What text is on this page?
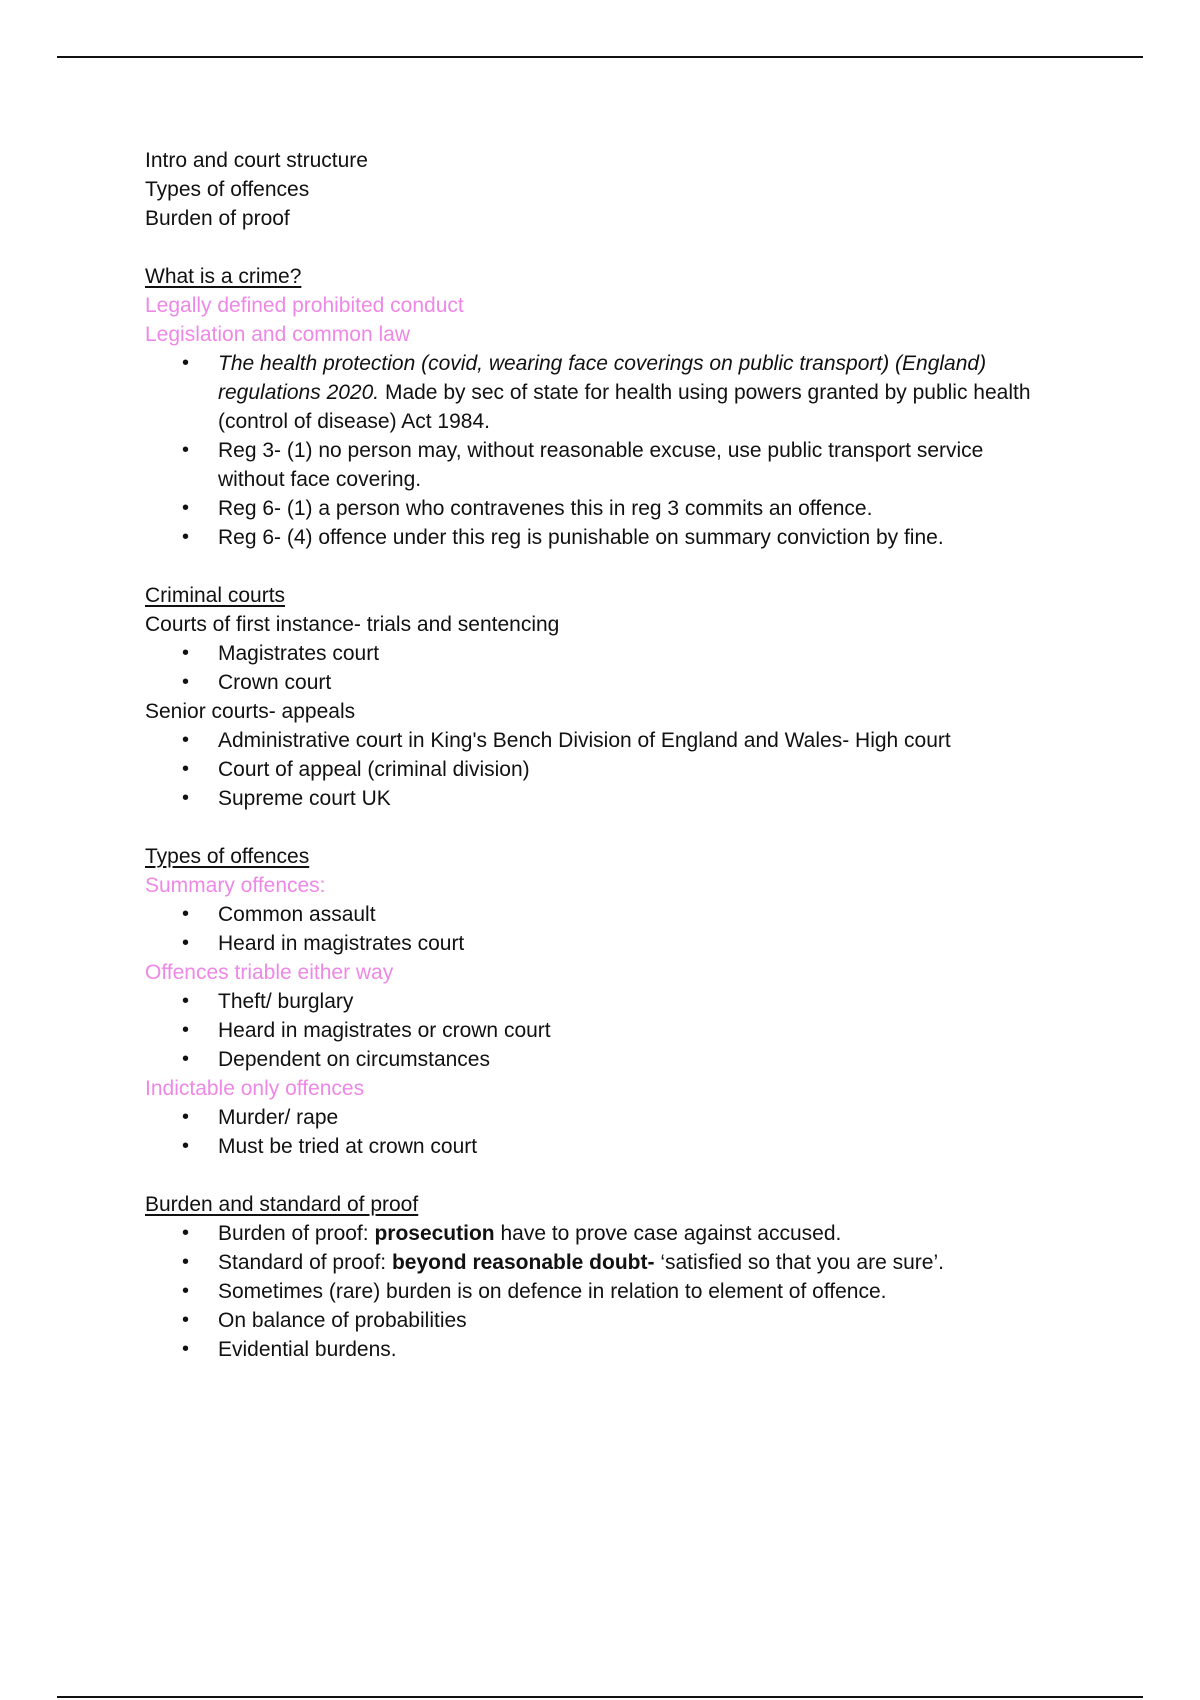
Intro and court structure

Types of offences

Burden of proof

What is a crime?

Legally defined prohibited conduct

Legislation and common law

• The health protection (covid, wearing face coverings on public transport) (England) regulations 2020. Made by sec of state for health using powers granted by public health (control of disease) Act 1984.
• Reg 3- (1) no person may, without reasonable excuse, use public transport service without face covering.
• Reg 6- (1) a person who contravenes this in reg 3 commits an offence.
• Reg 6- (4) offence under this reg is punishable on summary conviction by fine.

Criminal courts

Courts of first instance- trials and sentencing

• Magistrates court
• Crown court

Senior courts- appeals

• Administrative court in King's Bench Division of England and Wales- High court
• Court of appeal (criminal division)
• Supreme court UK

Types of offences

Summary offences:

• Common assault
• Heard in magistrates court

Offences triable either way

• Theft/ burglary
• Heard in magistrates or crown court
• Dependent on circumstances

Indictable only offences

• Murder/ rape
• Must be tried at crown court

Burden and standard of proof

• Burden of proof: prosecution have to prove case against accused.
• Standard of proof: beyond reasonable doubt- ‘satisfied so that you are sure’.
• Sometimes (rare) burden is on defence in relation to element of offence.
• On balance of probabilities
• Evidential burdens.
